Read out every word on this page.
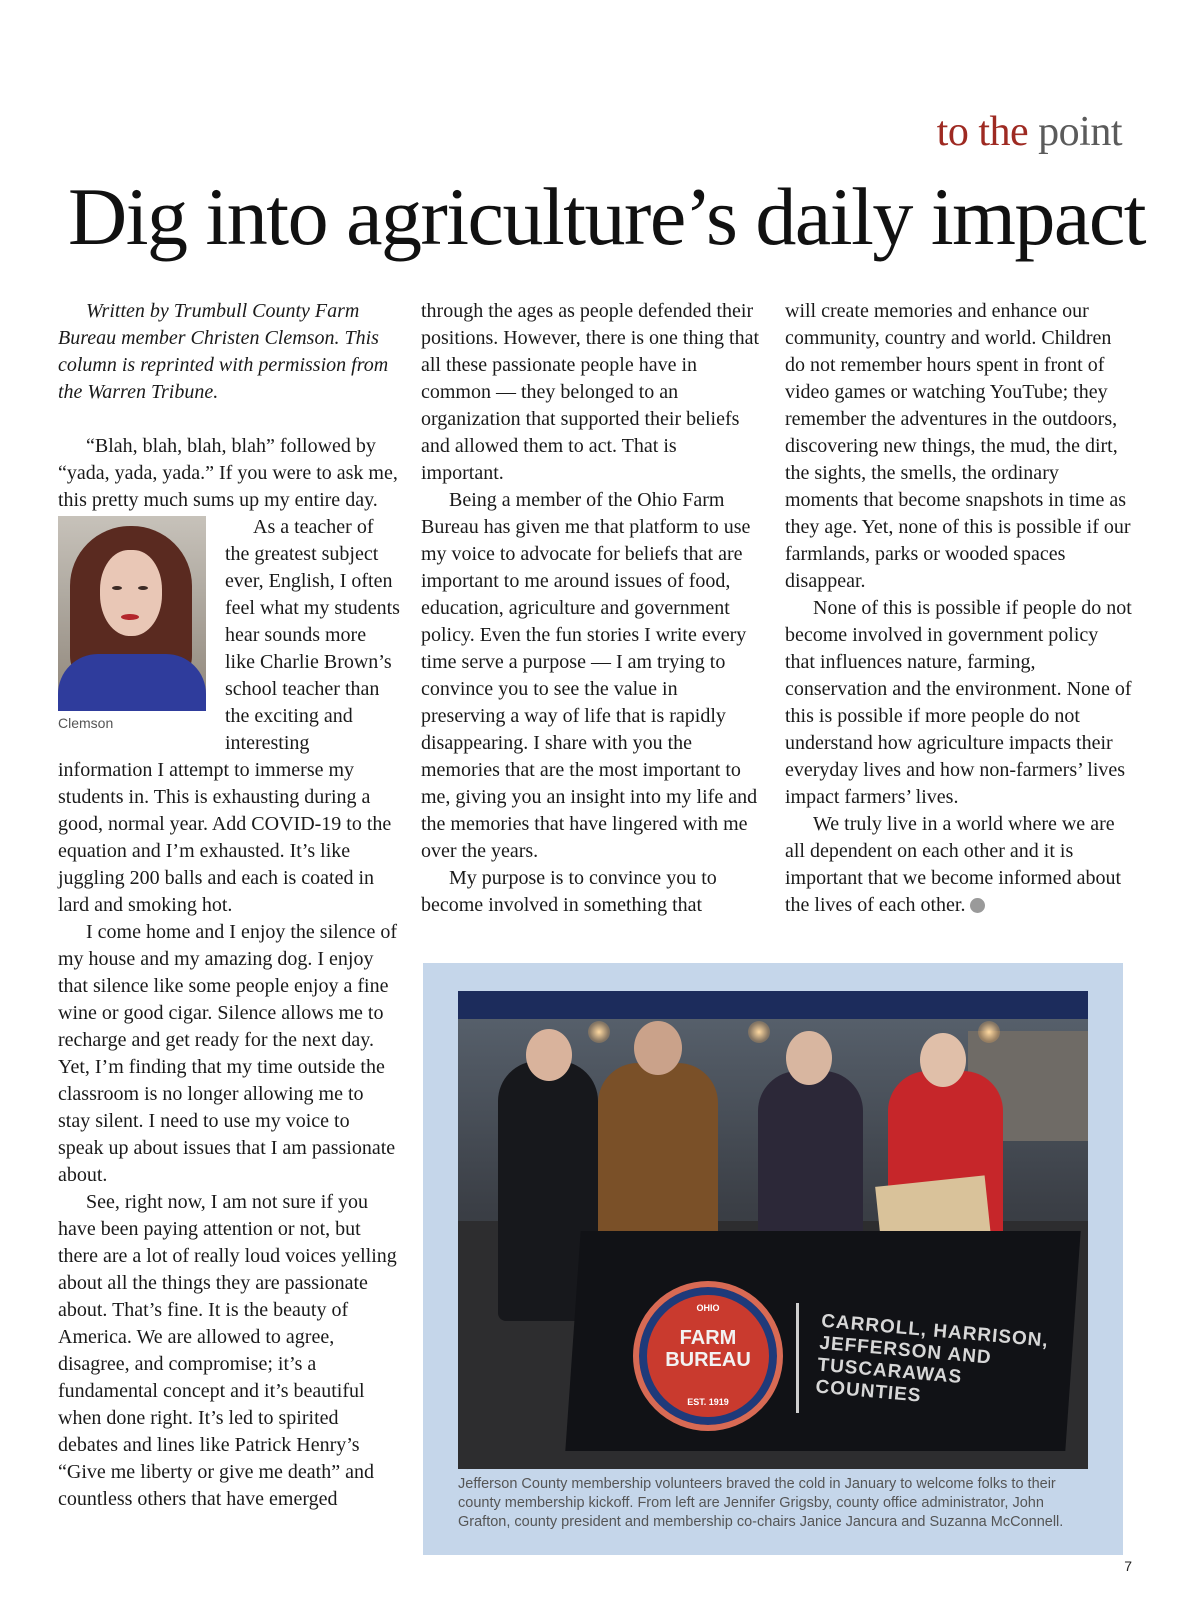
to the point
Dig into agriculture’s daily impact

Written by Trumbull County Farm Bureau member Christen Clemson. This column is reprinted with permission from the Warren Tribune.

“Blah, blah, blah, blah” followed by “yada, yada, yada.” If you were to ask me, this pretty much sums up my entire day.

Clemson

As a teacher of the greatest subject ever, English, I often feel what my students hear sounds more like Charlie Brown’s school teacher than the exciting and interesting information I attempt to immerse my students in. This is exhausting during a good, normal year. Add COVID-19 to the equation and I’m exhausted. It’s like juggling 200 balls and each is coated in lard and smoking hot.

I come home and I enjoy the silence of my house and my amazing dog. I enjoy that silence like some people enjoy a fine wine or good cigar. Silence allows me to recharge and get ready for the next day. Yet, I’m finding that my time outside the classroom is no longer allowing me to stay silent. I need to use my voice to speak up about issues that I am passionate about.

See, right now, I am not sure if you have been paying attention or not, but there are a lot of really loud voices yelling about all the things they are passionate about. That’s fine. It is the beauty of America. We are allowed to agree, disagree, and compromise; it’s a fundamental concept and it’s beautiful when done right. It’s led to spirited debates and lines like Patrick Henry’s “Give me liberty or give me death” and countless others that have emerged

through the ages as people defended their positions. However, there is one thing that all these passionate people have in common — they belonged to an organization that supported their beliefs and allowed them to act. That is important.

Being a member of the Ohio Farm Bureau has given me that platform to use my voice to advocate for beliefs that are important to me around issues of food, education, agriculture and government policy. Even the fun stories I write every time serve a purpose — I am trying to convince you to see the value in preserving a way of life that is rapidly disappearing. I share with you the memories that are the most important to me, giving you an insight into my life and the memories that have lingered with me over the years.

My purpose is to convince you to become involved in something that

will create memories and enhance our community, country and world. Children do not remember hours spent in front of video games or watching YouTube; they remember the adventures in the outdoors, discovering new things, the mud, the dirt, the sights, the smells, the ordinary moments that become snapshots in time as they age. Yet, none of this is possible if our farmlands, parks or wooded spaces disappear.

None of this is possible if people do not become involved in government policy that influences nature, farming, conservation and the environment. None of this is possible if more people do not understand how agriculture impacts their everyday lives and how non-farmers’ lives impact farmers’ lives.

We truly live in a world where we are all dependent on each other and it is important that we become informed about the lives of each other.

OHIO
FARM BUREAU
EST. 1919
CARROLL, HARRISON, JEFFERSON AND TUSCARAWAS COUNTIES
Jefferson County membership volunteers braved the cold in January to welcome folks to their county membership kickoff. From left are Jennifer Grigsby, county office administrator, John Grafton, county president and membership co-chairs Janice Jancura and Suzanna McConnell.
7
